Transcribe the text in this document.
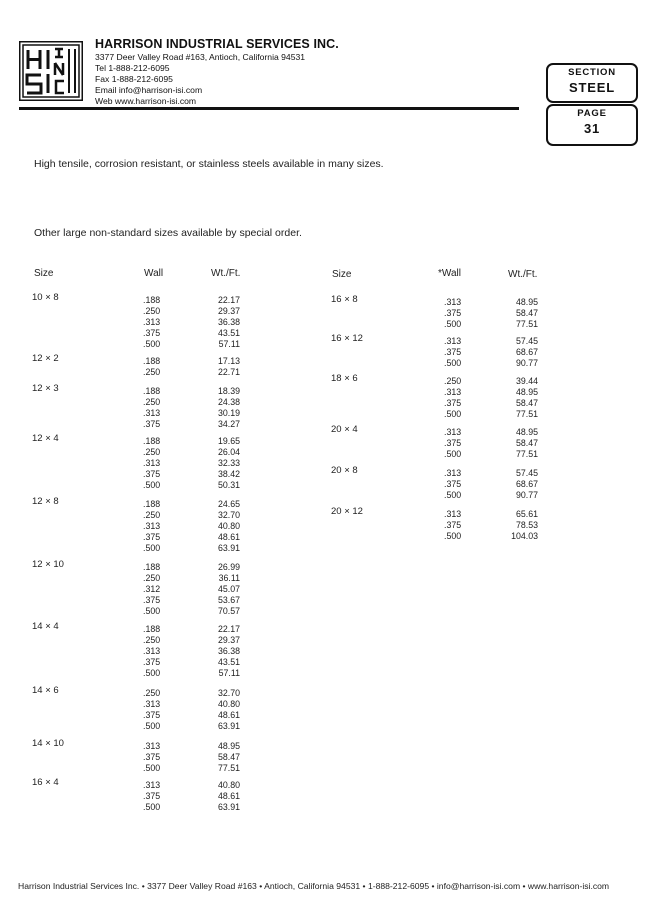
HARRISON INDUSTRIAL SERVICES INC.
3377 Deer Valley Road #163, Antioch, California 94531
Tel 1-888-212-6095
Fax 1-888-212-6095
Email info@harrison-isi.com
Web www.harrison-isi.com
SECTION
STEEL
PAGE
31
High tensile, corrosion resistant, or stainless steels available in many sizes.
Other large non-standard sizes available by special order.
Size	Wall	Wt./Ft.	Size	*Wall	Wt./Ft.
10 × 8	.188	22.17
.250	29.37
.313	36.38
.375	43.51
.500	57.11
12 × 2	.188	17.13
.250	22.71
12 × 3	.188	18.39
.250	24.38
.313	30.19
.375	34.27
12 × 4	.188	19.65
.250	26.04
.313	32.33
.375	38.42
.500	50.31
12 × 8	.188	24.65
.250	32.70
.313	40.80
.375	48.61
.500	63.91
12 × 10	.188	26.99
.250	36.11
.312	45.07
.375	53.67
.500	70.57
14 × 4	.188	22.17
.250	29.37
.313	36.38
.375	43.51
.500	57.11
14 × 6	.250	32.70
.313	40.80
.375	48.61
.500	63.91
14 × 10	.313	48.95
.375	58.47
.500	77.51
16 × 4	.313	40.80
.375	48.61
.500	63.91
16 × 8	.313	48.95
.375	58.47
.500	77.51
16 × 12	.313	57.45
.375	68.67
.500	90.77
18 × 6	.250	39.44
.313	48.95
.375	58.47
.500	77.51
20 × 4	.313	48.95
.375	58.47
.500	77.51
20 × 8	.313	57.45
.375	68.67
.500	90.77
20 × 12	.313	65.61
.375	78.53
.500	104.03
Harrison Industrial Services Inc. • 3377 Deer Valley Road #163 • Antioch, California 94531 • 1-888-212-6095 • info@harrison-isi.com • www.harrison-isi.com
